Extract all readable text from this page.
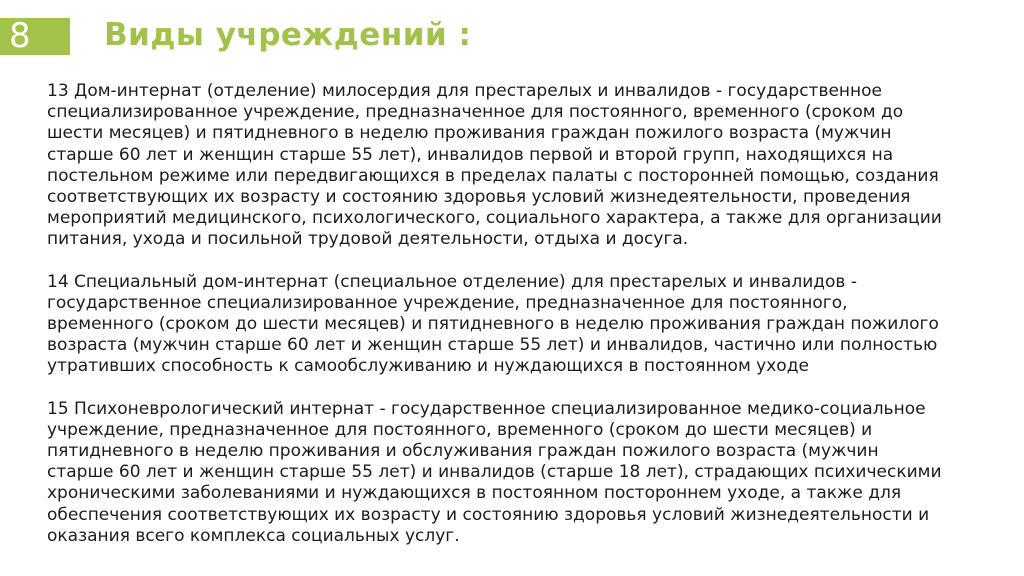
8	Виды учреждений :

13 Дом-интернат (отделение) милосердия для престарелых и инвалидов - государственное специализированное учреждение, предназначенное для постоянного, временного (сроком до шести месяцев) и пятидневного в неделю проживания граждан пожилого возраста (мужчин старше 60 лет и женщин старше 55 лет), инвалидов первой и второй групп, находящихся на постельном режиме или передвигающихся в пределах палаты с посторонней помощью, создания соответствующих их возрасту и состоянию здоровья условий жизнедеятельности, проведения мероприятий медицинского, психологического, социального характера, а также для организации питания, ухода и посильной трудовой деятельности, отдыха и досуга.

14 Специальный дом-интернат (специальное отделение) для престарелых и инвалидов - государственное специализированное учреждение, предназначенное для постоянного, временного (сроком до шести месяцев) и пятидневного в неделю проживания граждан пожилого возраста (мужчин старше 60 лет и женщин старше 55 лет) и инвалидов, частично или полностью утративших способность к самообслуживанию и нуждающихся в постоянном уходе

15 Психоневрологический интернат - государственное специализированное медико-социальное учреждение, предназначенное для постоянного, временного (сроком до шести месяцев) и пятидневного в неделю проживания и обслуживания граждан пожилого возраста (мужчин старше 60 лет и женщин старше 55 лет) и инвалидов (старше 18 лет), страдающих психическими хроническими заболеваниями и нуждающихся в постоянном постороннем уходе, а также для обеспечения соответствующих их возрасту и состоянию здоровья условий жизнедеятельности и оказания всего комплекса социальных услуг.
